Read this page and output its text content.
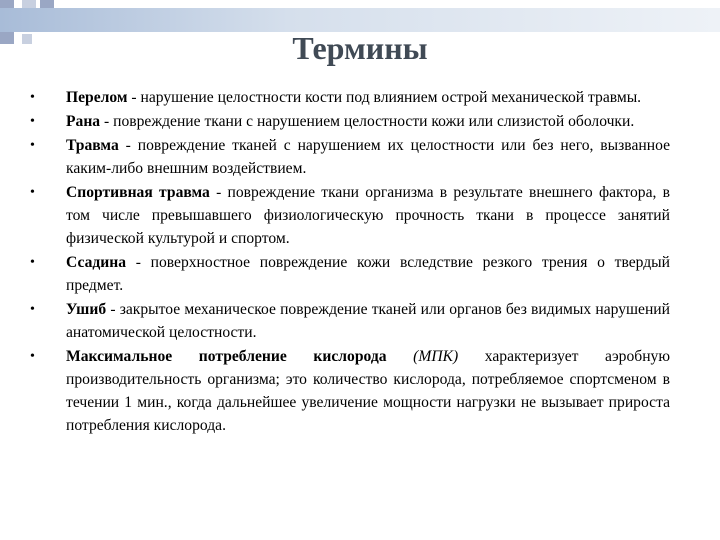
Термины
• Перелом - нарушение целостности кости под влиянием острой механической травмы.
• Рана - повреждение ткани с нарушением целостности кожи или слизистой оболочки.
• Травма - повреждение тканей с нарушением их целостности или без него, вызванное каким-либо внешним воздействием.
• Спортивная травма - повреждение ткани организма в результате внешнего фактора, в том числе превышавшего физиологическую прочность ткани в процессе занятий физической культурой и спортом.
• Ссадина - поверхностное повреждение кожи вследствие резкого трения о твердый предмет.
• Ушиб - закрытое механическое повреждение тканей или органов без видимых нарушений анатомической целостности.
• Максимальное потребление кислорода (МПК) характеризует аэробную производительность организма; это количество кислорода, потребляемое спортсменом в течении 1 мин., когда дальнейшее увеличение мощности нагрузки не вызывает прироста потребления кислорода.
